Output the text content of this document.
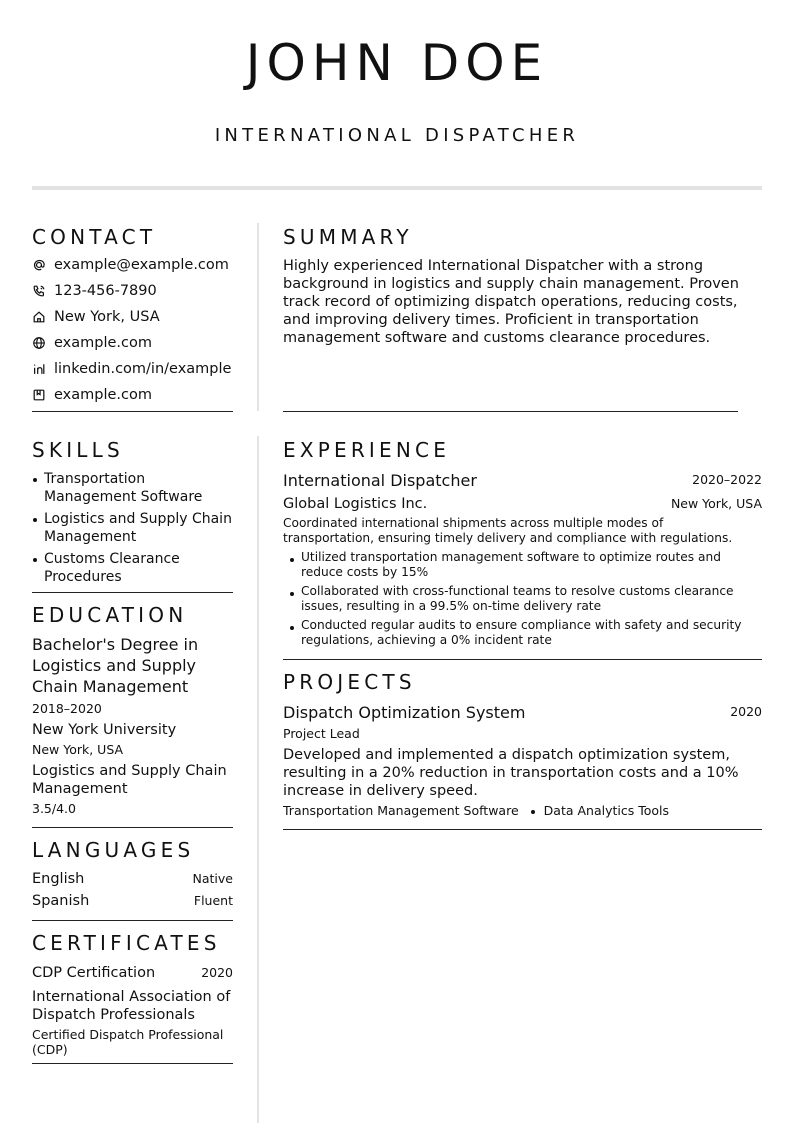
JOHN DOE
INTERNATIONAL DISPATCHER
CONTACT
example@example.com
123-456-7890
New York, USA
example.com
linkedin.com/in/example
example.com
SKILLS
Transportation Management Software
Logistics and Supply Chain Management
Customs Clearance Procedures
EDUCATION
Bachelor's Degree in Logistics and Supply Chain Management
2018–2020
New York University
New York, USA
Logistics and Supply Chain Management
3.5/4.0
LANGUAGES
English	Native
Spanish	Fluent
CERTIFICATES
CDP Certification	2020
International Association of Dispatch Professionals
Certified Dispatch Professional (CDP)
SUMMARY
Highly experienced International Dispatcher with a strong background in logistics and supply chain management. Proven track record of optimizing dispatch operations, reducing costs, and improving delivery times. Proficient in transportation management software and customs clearance procedures.
EXPERIENCE
International Dispatcher	2020–2022
Global Logistics Inc.	New York, USA
Coordinated international shipments across multiple modes of transportation, ensuring timely delivery and compliance with regulations.
Utilized transportation management software to optimize routes and reduce costs by 15%
Collaborated with cross-functional teams to resolve customs clearance issues, resulting in a 99.5% on-time delivery rate
Conducted regular audits to ensure compliance with safety and security regulations, achieving a 0% incident rate
PROJECTS
Dispatch Optimization System	2020
Project Lead
Developed and implemented a dispatch optimization system, resulting in a 20% reduction in transportation costs and a 10% increase in delivery speed.
Transportation Management Software Data Analytics Tools
